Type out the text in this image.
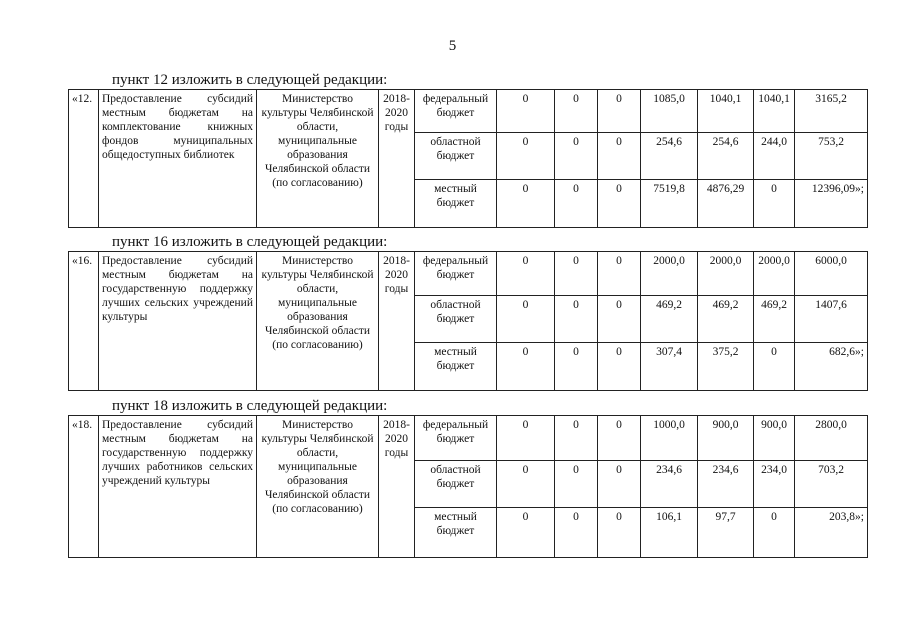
5
пункт 12 изложить в следующей редакции:
«12.	Предоставление субсидий местным бюджетам на комплектование книжных фондов муниципальных общедоступных библиотек	Министерство культуры Челябинской области, муниципальные образования Челябинской области (по согласованию)	2018-2020 годы	федеральный бюджет	0	0	0	1085,0	1040,1	1040,1	3165,2
				областной бюджет	0	0	0	254,6	254,6	244,0	753,2
				местный бюджет	0	0	0	7519,8	4876,29	0	12396,09»;
пункт 16 изложить в следующей редакции:
«16.	Предоставление субсидий местным бюджетам на государственную поддержку лучших сельских учреждений культуры	Министерство культуры Челябинской области, муниципальные образования Челябинской области (по согласованию)	2018-2020 годы	федеральный бюджет	0	0	0	2000,0	2000,0	2000,0	6000,0
				областной бюджет	0	0	0	469,2	469,2	469,2	1407,6
				местный бюджет	0	0	0	307,4	375,2	0	682,6»;
пункт 18 изложить в следующей редакции:
«18.	Предоставление субсидий местным бюджетам на государственную поддержку лучших работников сельских учреждений культуры	Министерство культуры Челябинской области, муниципальные образования Челябинской области (по согласованию)	2018-2020 годы	федеральный бюджет	0	0	0	1000,0	900,0	900,0	2800,0
				областной бюджет	0	0	0	234,6	234,6	234,0	703,2
				местный бюджет	0	0	0	106,1	97,7	0	203,8»;
